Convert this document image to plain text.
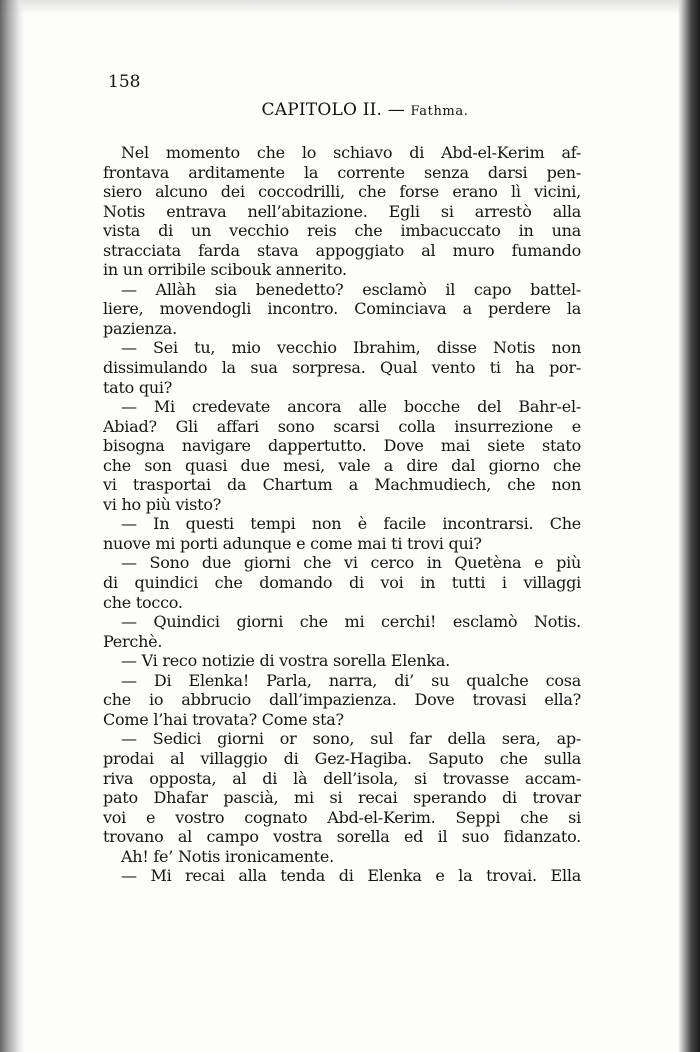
158

CAPITOLO II. — Fathma.

Nel momento che lo schiavo di Abd-el-Kerim af-
frontava arditamente la corrente senza darsi pen-
siero alcuno dei coccodrilli, che forse erano lì vicini,
Notis entrava nell’abitazione. Egli si arrestò alla
vista di un vecchio reis che imbacuccato in una
stracciata farda stava appoggiato al muro fumando
in un orribile scibouk annerito.
— Allàh sia benedetto? esclamò il capo battel-
liere, movendogli incontro. Cominciava a perdere la
pazienza.
— Sei tu, mio vecchio Ibrahim, disse Notis non
dissimulando la sua sorpresa. Qual vento ti ha por-
tato qui?
— Mi credevate ancora alle bocche del Bahr-el-
Abiad? Gli affari sono scarsi colla insurrezione e
bisogna navigare dappertutto. Dove mai siete stato
che son quasi due mesi, vale a dire dal giorno che
vi trasportai da Chartum a Machmudiech, che non
vi ho più visto?
— In questi tempi non è facile incontrarsi. Che
nuove mi porti adunque e come mai ti trovi qui?
— Sono due giorni che vi cerco in Quetèna e più
di quindici che domando di voi in tutti i villaggi
che tocco.
— Quindici giorni che mi cerchi! esclamò Notis.
Perchè.
— Vi reco notizie di vostra sorella Elenka.
— Di Elenka! Parla, narra, di’ su qualche cosa
che io abbrucio dall’impazienza. Dove trovasi ella?
Come l’hai trovata? Come sta?
— Sedici giorni or sono, sul far della sera, ap-
prodai al villaggio di Gez-Hagiba. Saputo che sulla
riva opposta, al di là dell’isola, si trovasse accam-
pato Dhafar pascià, mi si recai sperando di trovar
voi e vostro cognato Abd-el-Kerim. Seppi che si
trovano al campo vostra sorella ed il suo fidanzato.
Ah! fe’ Notis ironicamente.
— Mi recai alla tenda di Elenka e la trovai. Ella
